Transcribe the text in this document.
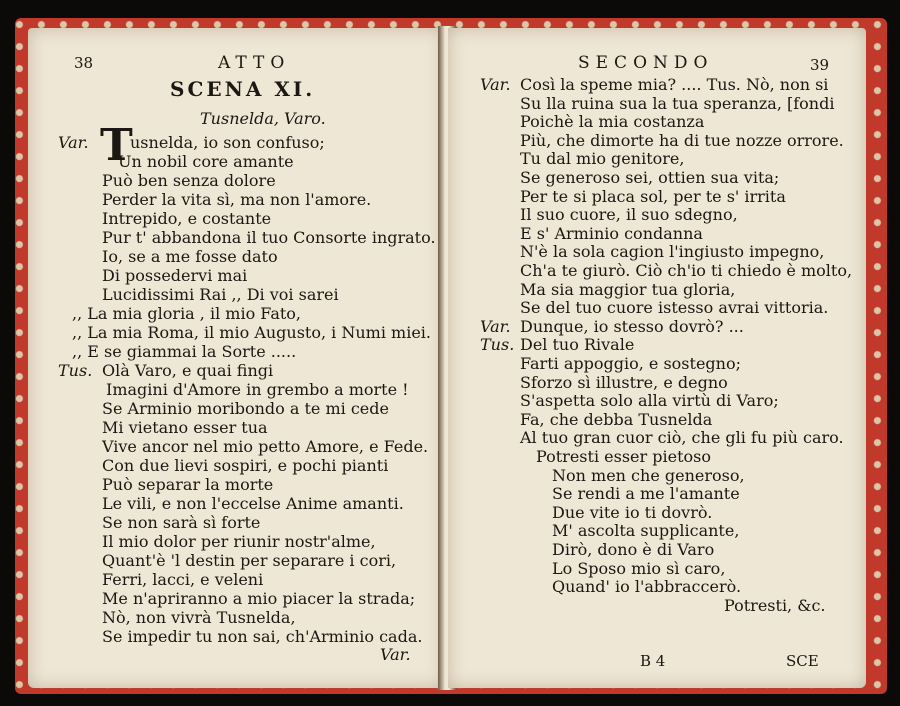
38	ATTO
SCENA XI.
Tusnelda, Varo.
T
Var.	usnelda, io son confuso;
Un nobil core amante
Può ben senza dolore
Perder la vita sì, ma non l'amore.
Intrepido, e costante
Pur t' abbandona il tuo Consorte ingrato.
Io, se a me fosse dato
Di possedervi mai
Lucidissimi Rai ,, Di voi sarei
,, La mia gloria , il mio Fato,
,, La mia Roma, il mio Augusto, i Numi miei.
,, E se giammai la Sorte .....
Tus. Olà Varo, e quai fingi
Imagini d'Amore in grembo a morte !
Se Arminio moribondo a te mi cede
Mi vietano esser tua
Vive ancor nel mio petto Amore, e Fede.
Con due lievi sospiri, e pochi pianti
Può separar la morte
Le vili, e non l'eccelse Anime amanti.
Se non sarà sì forte
Il mio dolor per riunir nostr'alme,
Quant'è 'l destin per separare i cori,
Ferri, lacci, e veleni
Me n'apriranno a mio piacer la strada;
Nò, non vivrà Tusnelda,
Se impedir tu non sai, ch'Arminio cada.
Var.
SECONDO	39
Var. Così la speme mia? .... Tus. Nò, non si
Su lla ruina sua la tua speranza, [fondi
Poichè la mia costanza
Più, che dimorte ha di tue nozze orrore.
Tu dal mio genitore,
Se generoso sei, ottien sua vita;
Per te si placa sol, per te s' irrita
Il suo cuore, il suo sdegno,
E s' Arminio condanna
N'è la sola cagion l'ingiusto impegno,
Ch'a te giurò. Ciò ch'io ti chiedo è molto,
Ma sia maggior tua gloria,
Se del tuo cuore istesso avrai vittoria.
Var. Dunque, io stesso dovrò? ...
Tus. Del tuo Rivale
Farti appoggio, e sostegno;
Sforzo sì illustre, e degno
S'aspetta solo alla virtù di Varo;
Fa, che debba Tusnelda
Al tuo gran cuor ciò, che gli fu più caro.
Potresti esser pietoso
Non men che generoso,
Se rendi a me l'amante
Due vite io ti dovrò.
M' ascolta supplicante,
Dirò, dono è di Varo
Lo Sposo mio sì caro,
Quand' io l'abbraccerò.
Potresti, &c.
B 4	SCE
